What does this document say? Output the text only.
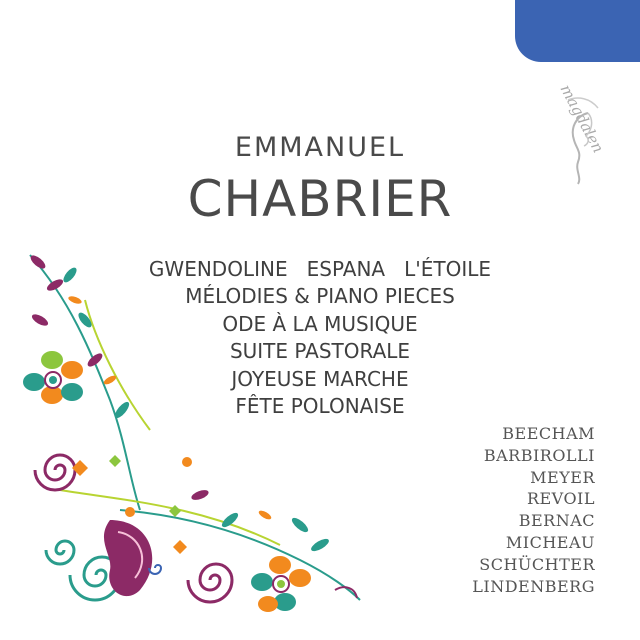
magdalen
EMMANUEL
CHABRIER
GWENDOLINE   ESPANA   L'ÉTOILE
MÉLODIES & PIANO PIECES
ODE À LA MUSIQUE
SUITE PASTORALE
JOYEUSE MARCHE
FÊTE POLONAISE
BEECHAM
BARBIROLLI
MEYER
REVOIL
BERNAC
MICHEAU
SCHÜCHTER
LINDENBERG
